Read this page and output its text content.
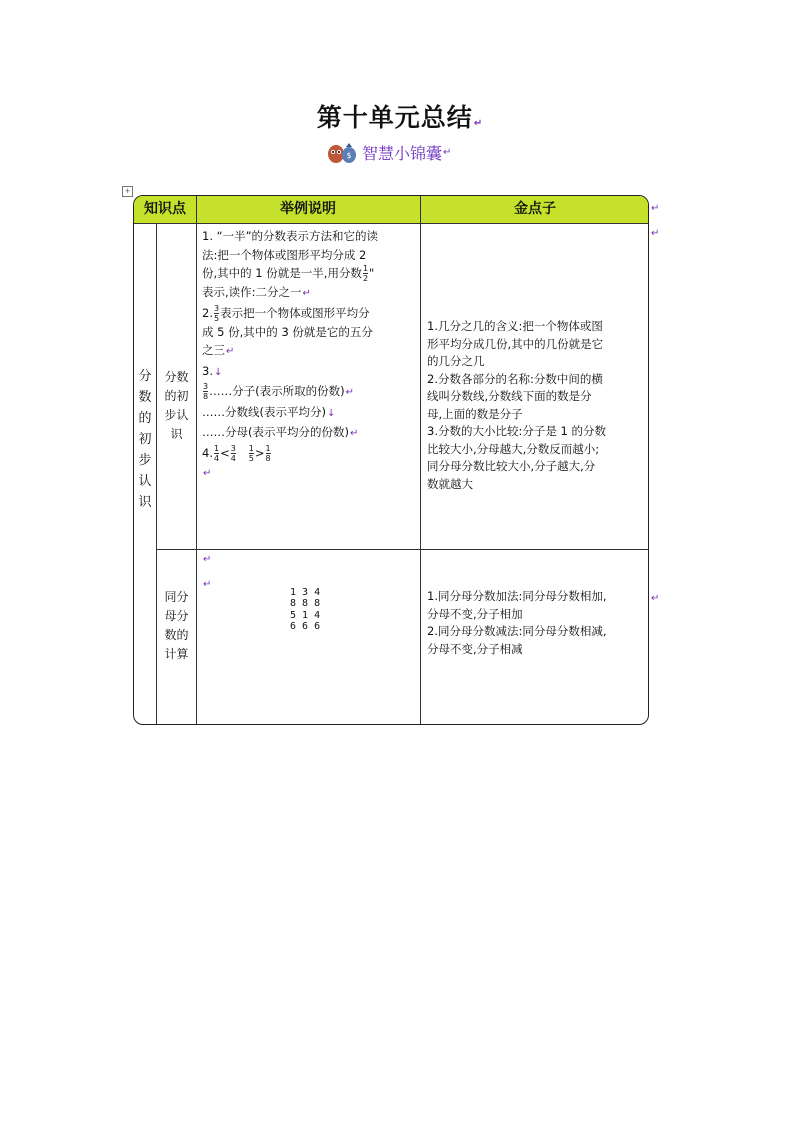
第十单元总结↵
$ 智慧小锦囊 ↵
+
知识点	举例说明	金点子
分数的初步认识
分数的初步认识
1. “一半”的分数表示方法和它的读
法:把一个物体或图形平均分成 2
份,其中的 1 份就是一半,用分数 $\frac{1}{2}$ "
表示,读作:二分之一↵
2. $\frac{3}{5}$ 表示把一个物体或图形平均分
成 5 份,其中的 3 份就是它的五分
之三↵
3.↓
$\frac{3}{8}$ ……分子(表示所取的份数)↵
……分数线(表示平均分)↓
……分母(表示平均分的份数)↵
4. $\frac{1}{4} < \frac{3}{4}$
$\frac{1}{5} > \frac{1}{8}$
↵
1.几分之几的含义:把一个物体或图
形平均分成几份,其中的几份就是它
的几分之几
2.分数各部分的名称:分数中间的横
线叫分数线,分数线下面的数是分
母,上面的数是分子
3.分数的大小比较:分子是 1 的分数
比较大小,分母越大,分数反而越小;
同分母分数比较大小,分子越大,分
数就越大
同分母分数的计算
↵
↵
1 3 4
8 8 8
5 1 4
6 6 6
1.同分母分数加法:同分母分数相加,
分母不变,分子相加
2.同分母分数减法:同分母分数相减,
分母不变,分子相减
↵
↵
↵
